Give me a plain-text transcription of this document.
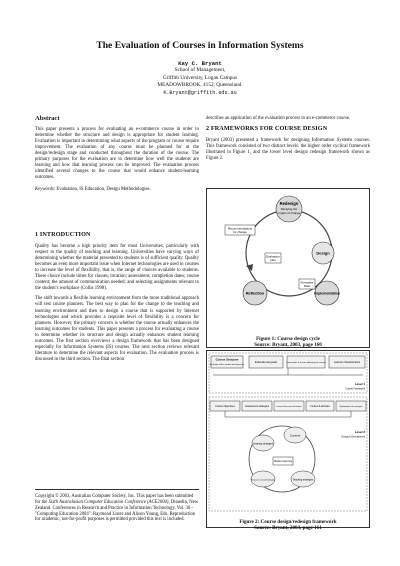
The Evaluation of Courses in Information Systems
Kay C. Bryant
School of Management,
Griffith University, Logan Campus
MEADOWBROOK, 4152, Queensland.
K.Bryant@griffith.edu.au
Abstract
This paper presents a process for evaluating an e-commerce course in order to determine whether the structure and design is appropriate for student learning. Evaluation is important in determining what aspects of the program or course require improvement. The evaluation of any course must be planned for at the design/redesign stage and conducted throughout the duration of the course. The primary purposes for the evaluation are to determine how well the students are learning and how that learning process can be improved. The evaluation process identified several changes to the course that would enhance student-learning outcomes.
Keywords: Evaluation, IS Education, Design Methodologies.
1 INTRODUCTION
Quality has become a high priority item for most Universities, particularly with respect to the quality of teaching and learning. Universities have varying ways of determining whether the material presented to students is of sufficient quality. Quality becomes an even more important issue when Internet technologies are used in courses to increase the level of flexibility, that is, the range of choices available to students. These choice include times for classes; location; assessment; completion dates; course content; the amount of communication needed; and selecting assignments relevant to the student's workplace (Collis 1998).
The shift towards a flexible learning environment from the more traditional approach will test course planners. The best way to plan for the change to the teaching and learning environment and then to design a course that is supported by Internet technologies and which provides a requisite level of flexibility is a concern for planners. However, the primary concern is whether the course actually enhances the learning outcomes for students. This paper presents a process for evaluating a course to determine whether its structure and design actually enhances student learning outcomes. The first section overviews a design framework that has been designed especially for Information Systems (IS) courses. The next section reviews relevant literature to determine the relevant aspects for evaluation. The evaluation process is discussed in the third section. The final section
Copyright © 2003, Australian Computer Society, Inc. This paper has been submitted for the Sixth Australasian Computer Education Conference (ACE2004), Dunedin, New Zealand. Conferences in Research and Practice in Information Technology, Vol. 30 - "Computing Education 2004". Raymond Lister and Alison Young, Eds. Reproduction for academic, not-for-profit purposes is permitted provided this text is included.
describes an application of the evaluation process to an e-commerce course.
2 FRAMEWORKS FOR COURSE DESIGN
Bryant (2003) presented a framework for designing Information Systems courses. This framework consisted of two distinct levels: the higher order cyclical framework illustrated in Figure 1, and the lower level design/ redesign framework shown as Figure 2.
Redesign
Studying the
Impact of change
Recommendations
for change
Design
Evaluation
plan
Formative
Data
Reflection	Implementation
Figure 1: Course design cycle
Source: Bryant, 2003, page 160
Course Structure
Inclusion of the content and structure
Educational goals	Constraints & issues affecting the course	Learner characteristics
Level 1
Course Framework
Course Objectives	Assessment strategies	Learner Structure and Context	Content & activities	Exploration of concepts
Content
Learning strategies
Student learning
Resources & technologies	Teaching strategies
Level 2
Design & Development
Figure 2: Course design/redesign framework
Source: Bryant, 2003, page 161
